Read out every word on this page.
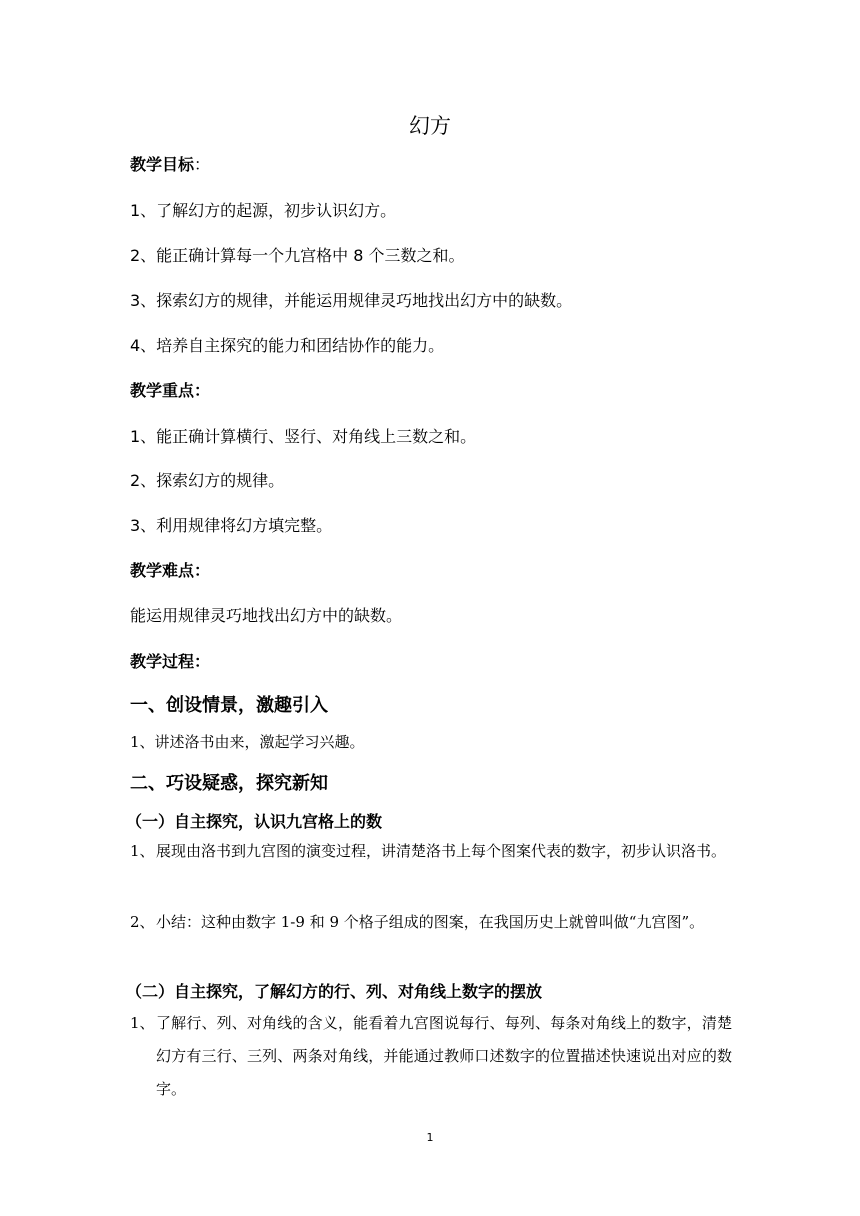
幻方
教学目标：
1、了解幻方的起源，初步认识幻方。
2、能正确计算每一个九宫格中 8 个三数之和。
3、探索幻方的规律，并能运用规律灵巧地找出幻方中的缺数。
4、培养自主探究的能力和团结协作的能力。
教学重点：
1、能正确计算横行、竖行、对角线上三数之和。
2、探索幻方的规律。
3、利用规律将幻方填完整。
教学难点：
能运用规律灵巧地找出幻方中的缺数。
教学过程：
一、创设情景，激趣引入
1、讲述洛书由来，激起学习兴趣。
二、巧设疑惑，探究新知
（一）自主探究，认识九宫格上的数
1、 展现由洛书到九宫图的演变过程，讲清楚洛书上每个图案代表的数字，初步认识洛书。
2、 小结：这种由数字 1-9 和 9 个格子组成的图案，在我国历史上就曾叫做“九宫图”。
（二）自主探究，了解幻方的行、列、对角线上数字的摆放
1、 了解行、列、对角线的含义，能看着九宫图说每行、每列、每条对角线上的数字，清楚幻方有三行、三列、两条对角线，并能通过教师口述数字的位置描述快速说出对应的数字。
1
